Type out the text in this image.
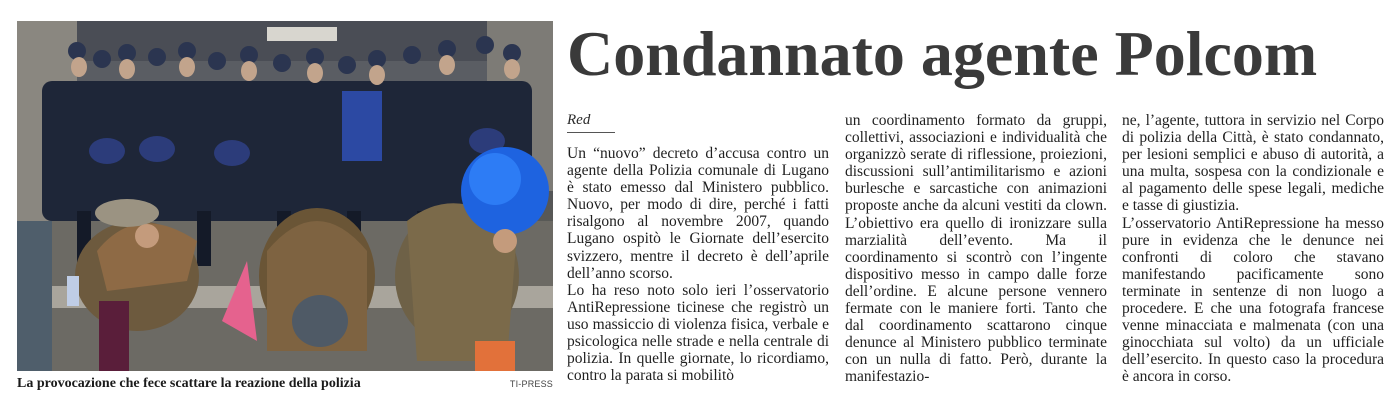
La provocazione che fece scattare la reazione della polizia	TI-PRESS
Condannato agente Polcom
Red

Un “nuovo” decreto d’accusa contro un agente della Polizia comunale di Lugano è stato emesso dal Ministero pubblico. Nuovo, per modo di dire, perché i fatti risalgono al novembre 2007, quando Lugano ospitò le Giornate dell’esercito svizzero, mentre il decreto è dell’aprile dell’anno scorso.

Lo ha reso noto solo ieri l’osservatorio AntiRepressione ticinese che registrò un uso massiccio di violenza fisica, verbale e psicologica nelle strade e nella centrale di polizia. In quelle giornate, lo ricordiamo, contro la parata si mobilitò

un coordinamento formato da gruppi, collettivi, associazioni e individualità che organizzò serate di riflessione, proiezioni, discussioni sull’antimilitarismo e azioni burlesche e sarcastiche con animazioni proposte anche da alcuni vestiti da clown. L’obiettivo era quello di ironizzare sulla marzialità dell’evento. Ma il coordinamento si scontrò con l’ingente dispositivo messo in campo dalle forze dell’ordine. E alcune persone vennero fermate con le maniere forti. Tanto che dal coordinamento scattarono cinque denunce al Ministero pubblico terminate con un nulla di fatto. Però, durante la manifestazio-

ne, l’agente, tuttora in servizio nel Corpo di polizia della Città, è stato condannato, per lesioni semplici e abuso di autorità, a una multa, sospesa con la condizionale e al pagamento delle spese legali, mediche e tasse di giustizia.

L’osservatorio AntiRepressione ha messo pure in evidenza che le denunce nei confronti di coloro che stavano manifestando pacificamente sono terminate in sentenze di non luogo a procedere. E che una fotografa francese venne minacciata e malmenata (con una ginocchiata sul volto) da un ufficiale dell’esercito. In questo caso la procedura è ancora in corso.
